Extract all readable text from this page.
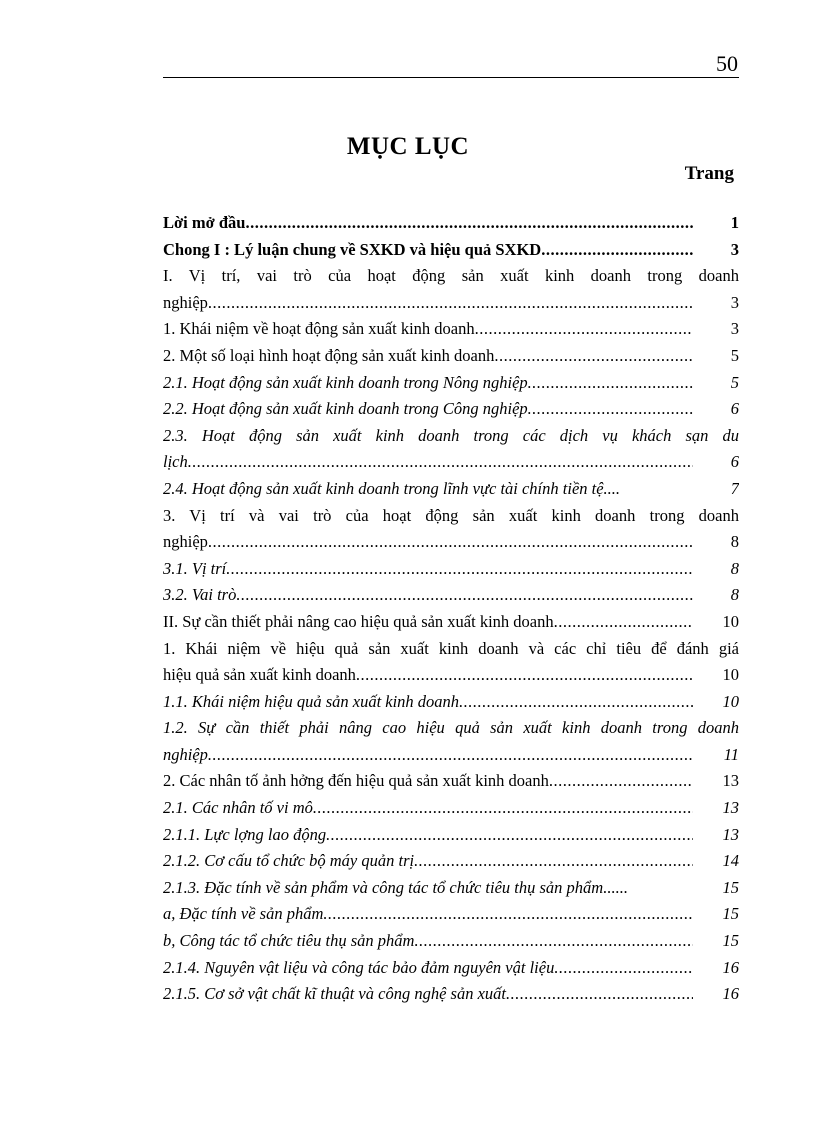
50
MỤC LỤC
Trang
Lời mở đầu .....	1
Chong I : Lý luận chung về SXKD và hiệu quả SXKD .....	3
I. Vị trí, vai trò của hoạt động sản xuất kinh doanh trong doanh
nghiệp .....	3
1. Khái niệm về hoạt động sản xuất kinh doanh .....	3
2. Một số loại hình hoạt động sản xuất kinh doanh .....	5
2.1. Hoạt động sản xuất kinh doanh trong Nông nghiệp .....	5
2.2. Hoạt động sản xuất kinh doanh trong Công nghiệp .....	6
2.3. Hoạt động sản xuất kinh doanh trong các dịch vụ khách sạn du
lịch .....	6
2.4. Hoạt động sản xuất kinh doanh trong lĩnh vực tài chính tiền tệ....	7
3. Vị trí và vai trò của hoạt động sản xuất kinh doanh trong doanh
nghiệp .....	8
3.1. Vị trí .....	8
3.2. Vai trò .....	8
II. Sự cần thiết phải nâng cao hiệu quả sản xuất kinh doanh .....	10
1. Khái niệm về hiệu quả sản xuất kinh doanh và các chỉ tiêu để đánh giá
hiệu quả sản xuất kinh doanh .....	10
1.1. Khái niệm hiệu quả sản xuất kinh doanh .....	10
1.2. Sự cần thiết phải nâng cao hiệu quả sản xuất kinh doanh trong doanh
nghiệp .....	11
2. Các nhân tố ảnh hởng đến hiệu quả sản xuất kinh doanh .....	13
2.1. Các nhân tố vi mô .....	13
2.1.1. Lực lợng lao động .....	13
2.1.2. Cơ cấu tổ chức bộ máy quản trị .....	14
2.1.3. Đặc tính về sản phẩm và công tác tổ chức tiêu thụ sản phẩm......	15
a, Đặc tính về sản phẩm .....	15
b, Công tác tổ chức tiêu thụ sản phẩm .....	15
2.1.4. Nguyên vật liệu và công tác bảo đảm nguyên vật liệu .....	16
2.1.5. Cơ sở vật chất kĩ thuật và công nghệ sản xuất .....	16
